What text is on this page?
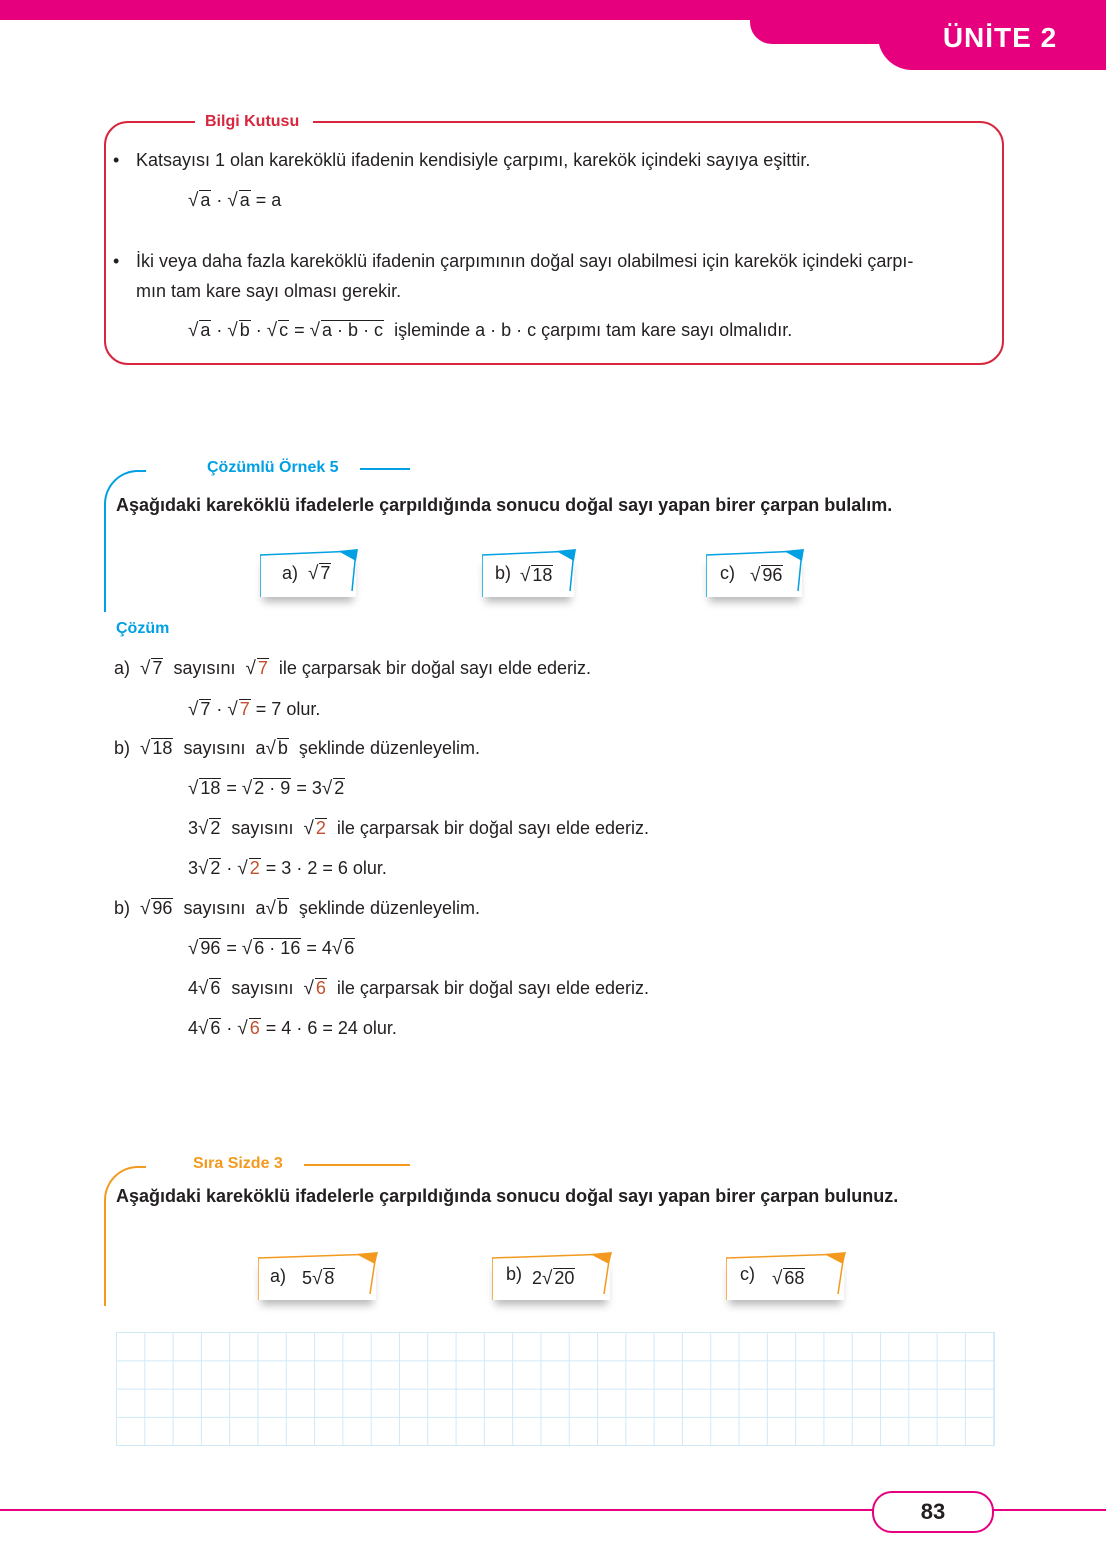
ÜNİTE 2
Bilgi Kutusu
• Katsayısı 1 olan kareköklü ifadenin kendisiyle çarpımı, karekök içindeki sayıya eşittir.
√ a · √ a = a
• İki veya daha fazla kareköklü ifadenin çarpımının doğal sayı olabilmesi için karekök içindeki çarpı-
mın tam kare sayı olması gerekir.
√ a · √ b · √ c = √ a · b · c işleminde a · b · c çarpımı tam kare sayı olmalıdır.
Çözümlü Örnek 5
Aşağıdaki kareköklü ifadelerle çarpıldığında sonucu doğal sayı yapan birer çarpan bulalım.
a) √ 7	b) √ 18	c) √ 96
Çözüm
a) √ 7 sayısını √ 7 ile çarparsak bir doğal sayı elde ederiz.
√ 7 · √ 7 = 7 olur.
b) √ 18 sayısını  a√ b şeklinde düzenleyelim.
√ 18 = √ 2 · 9 = 3√ 2
3√ 2 sayısını √ 2 ile çarparsak bir doğal sayı elde ederiz.
3√ 2 · √ 2 = 3 · 2 = 6 olur.
b) √ 96 sayısını  a√ b şeklinde düzenleyelim.
√ 96 = √ 6 · 16 = 4√ 6
4√ 6 sayısını √ 6 ile çarparsak bir doğal sayı elde ederiz.
4√ 6 · √ 6 = 4 · 6 = 24 olur.
Sıra Sizde 3
Aşağıdaki kareköklü ifadelerle çarpıldığında sonucu doğal sayı yapan birer çarpan bulunuz.
a) 5√ 8	b) 2√ 20	c) √ 68
83
